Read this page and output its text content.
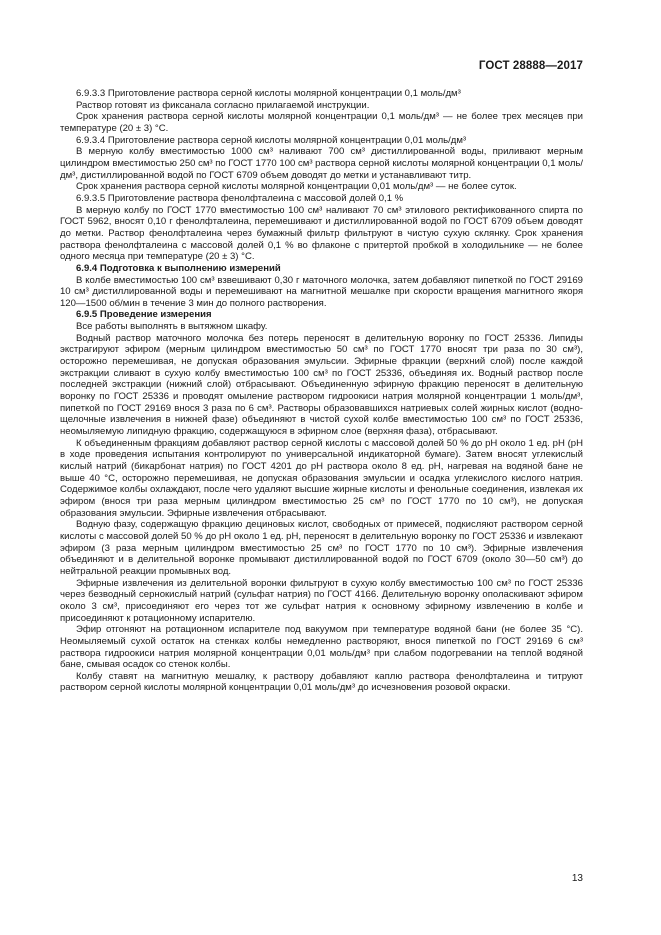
ГОСТ 28888—2017

6.9.3.3 Приготовление раствора серной кислоты молярной концентрации 0,1 моль/дм³

Раствор готовят из фиксанала согласно прилагаемой инструкции.

Срок хранения раствора серной кислоты молярной концентрации 0,1 моль/дм³ — не более трех месяцев при температуре (20 ± 3) °С.

6.9.3.4 Приготовление раствора серной кислоты молярной концентрации 0,01 моль/дм³

В мерную колбу вместимостью 1000 см³ наливают 700 см³ дистиллированной воды, приливают мерным цилиндром вместимостью 250 см³ по ГОСТ 1770 100 см³ раствора серной кислоты молярной концентрации 0,1 моль/дм³, дистиллированной водой по ГОСТ 6709 объем доводят до метки и устанавливают титр.

Срок хранения раствора серной кислоты молярной концентрации 0,01 моль/дм³ — не более суток.

6.9.3.5 Приготовление раствора фенолфталеина с массовой долей 0,1 %

В мерную колбу по ГОСТ 1770 вместимостью 100 см³ наливают 70 см³ этилового ректификованного спирта по ГОСТ 5962, вносят 0,10 г фенолфталеина, перемешивают и дистиллированной водой по ГОСТ 6709 объем доводят до метки. Раствор фенолфталеина через бумажный фильтр фильтруют в чистую сухую склянку. Срок хранения раствора фенолфталеина с массовой долей 0,1 % во флаконе с притертой пробкой в холодильнике — не более одного месяца при температуре (20 ± 3) °С.

6.9.4 Подготовка к выполнению измерений

В колбе вместимостью 100 см³ взвешивают 0,30 г маточного молочка, затем добавляют пипеткой по ГОСТ 29169 10 см³ дистиллированной воды и перемешивают на магнитной мешалке при скорости вращения магнитного якоря 120—1500 об/мин в течение 3 мин до полного растворения.

6.9.5 Проведение измерения

Все работы выполнять в вытяжном шкафу.

Водный раствор маточного молочка без потерь переносят в делительную воронку по ГОСТ 25336. Липиды экстрагируют эфиром (мерным цилиндром вместимостью 50 см³ по ГОСТ 1770 вносят три раза по 30 см³), осторожно перемешивая, не допуская образования эмульсии. Эфирные фракции (верхний слой) после каждой экстракции сливают в сухую колбу вместимостью 100 см³ по ГОСТ 25336, объединяя их. Водный раствор после последней экстракции (нижний слой) отбрасывают. Объединенную эфирную фракцию переносят в делительную воронку по ГОСТ 25336 и проводят омыление раствором гидроокиси натрия молярной концентрации 1 моль/дм³, пипеткой по ГОСТ 29169 внося 3 раза по 6 см³. Растворы образовавшихся натриевых солей жирных кислот (водно-щелочные извлечения в нижней фазе) объединяют в чистой сухой колбе вместимостью 100 см³ по ГОСТ 25336, неомыляемую липидную фракцию, содержащуюся в эфирном слое (верхняя фаза), отбрасывают.

К объединенным фракциям добавляют раствор серной кислоты с массовой долей 50 % до рН около 1 ед. рН (рН в ходе проведения испытания контролируют по универсальной индикаторной бумаге). Затем вносят углекислый кислый натрий (бикарбонат натрия) по ГОСТ 4201 до рН раствора около 8 ед. рН, нагревая на водяной бане не выше 40 °С, осторожно перемешивая, не допуская образования эмульсии и осадка углекислого кислого натрия. Содержимое колбы охлаждают, после чего удаляют высшие жирные кислоты и фенольные соединения, извлекая их эфиром (внося три раза мерным цилиндром вместимостью 25 см³ по ГОСТ 1770 по 10 см³), не допуская образования эмульсии. Эфирные извлечения отбрасывают.

Водную фазу, содержащую фракцию дециновых кислот, свободных от примесей, подкисляют раствором серной кислоты с массовой долей 50 % до рН около 1 ед. рН, переносят в делительную воронку по ГОСТ 25336 и извлекают эфиром (3 раза мерным цилиндром вместимостью 25 см³ по ГОСТ 1770 по 10 см³). Эфирные извлечения объединяют и в делительной воронке промывают дистиллированной водой по ГОСТ 6709 (около 30—50 см³) до нейтральной реакции промывных вод.

Эфирные извлечения из делительной воронки фильтруют в сухую колбу вместимостью 100 см³ по ГОСТ 25336 через безводный сернокислый натрий (сульфат натрия) по ГОСТ 4166. Делительную воронку ополаскивают эфиром около 3 см³, присоединяют его через тот же сульфат натрия к основному эфирному извлечению в колбе и присоединяют к ротационному испарителю.

Эфир отгоняют на ротационном испарителе под вакуумом при температуре водяной бани (не более 35 °С). Неомыляемый сухой остаток на стенках колбы немедленно растворяют, внося пипеткой по ГОСТ 29169 6 см³ раствора гидроокиси натрия молярной концентрации 0,01 моль/дм³ при слабом подогревании на теплой водяной бане, смывая осадок со стенок колбы.

Колбу ставят на магнитную мешалку, к раствору добавляют каплю раствора фенолфталеина и титруют раствором серной кислоты молярной концентрации 0,01 моль/дм³ до исчезновения розовой окраски.

13
